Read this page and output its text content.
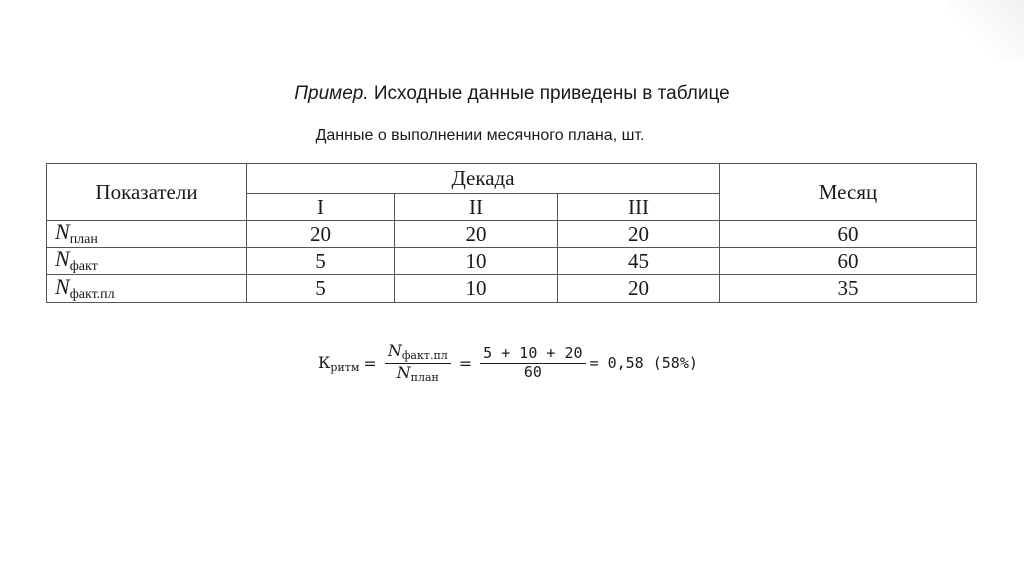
Пример. Исходные данные приведены в таблице
Данные о выполнении месячного плана, шт.
Показатели	Декада			Месяц
	I	II	III	
Nплан	20	20	20	60
Nфакт	5	10	45	60
Nфакт.пл	5	10	20	35
Критм = $\frac{\text{Nфакт.пл}}{\text{Nплан}} = \frac{5 + 10 + 20}{60} = 0,58$ (58%)
